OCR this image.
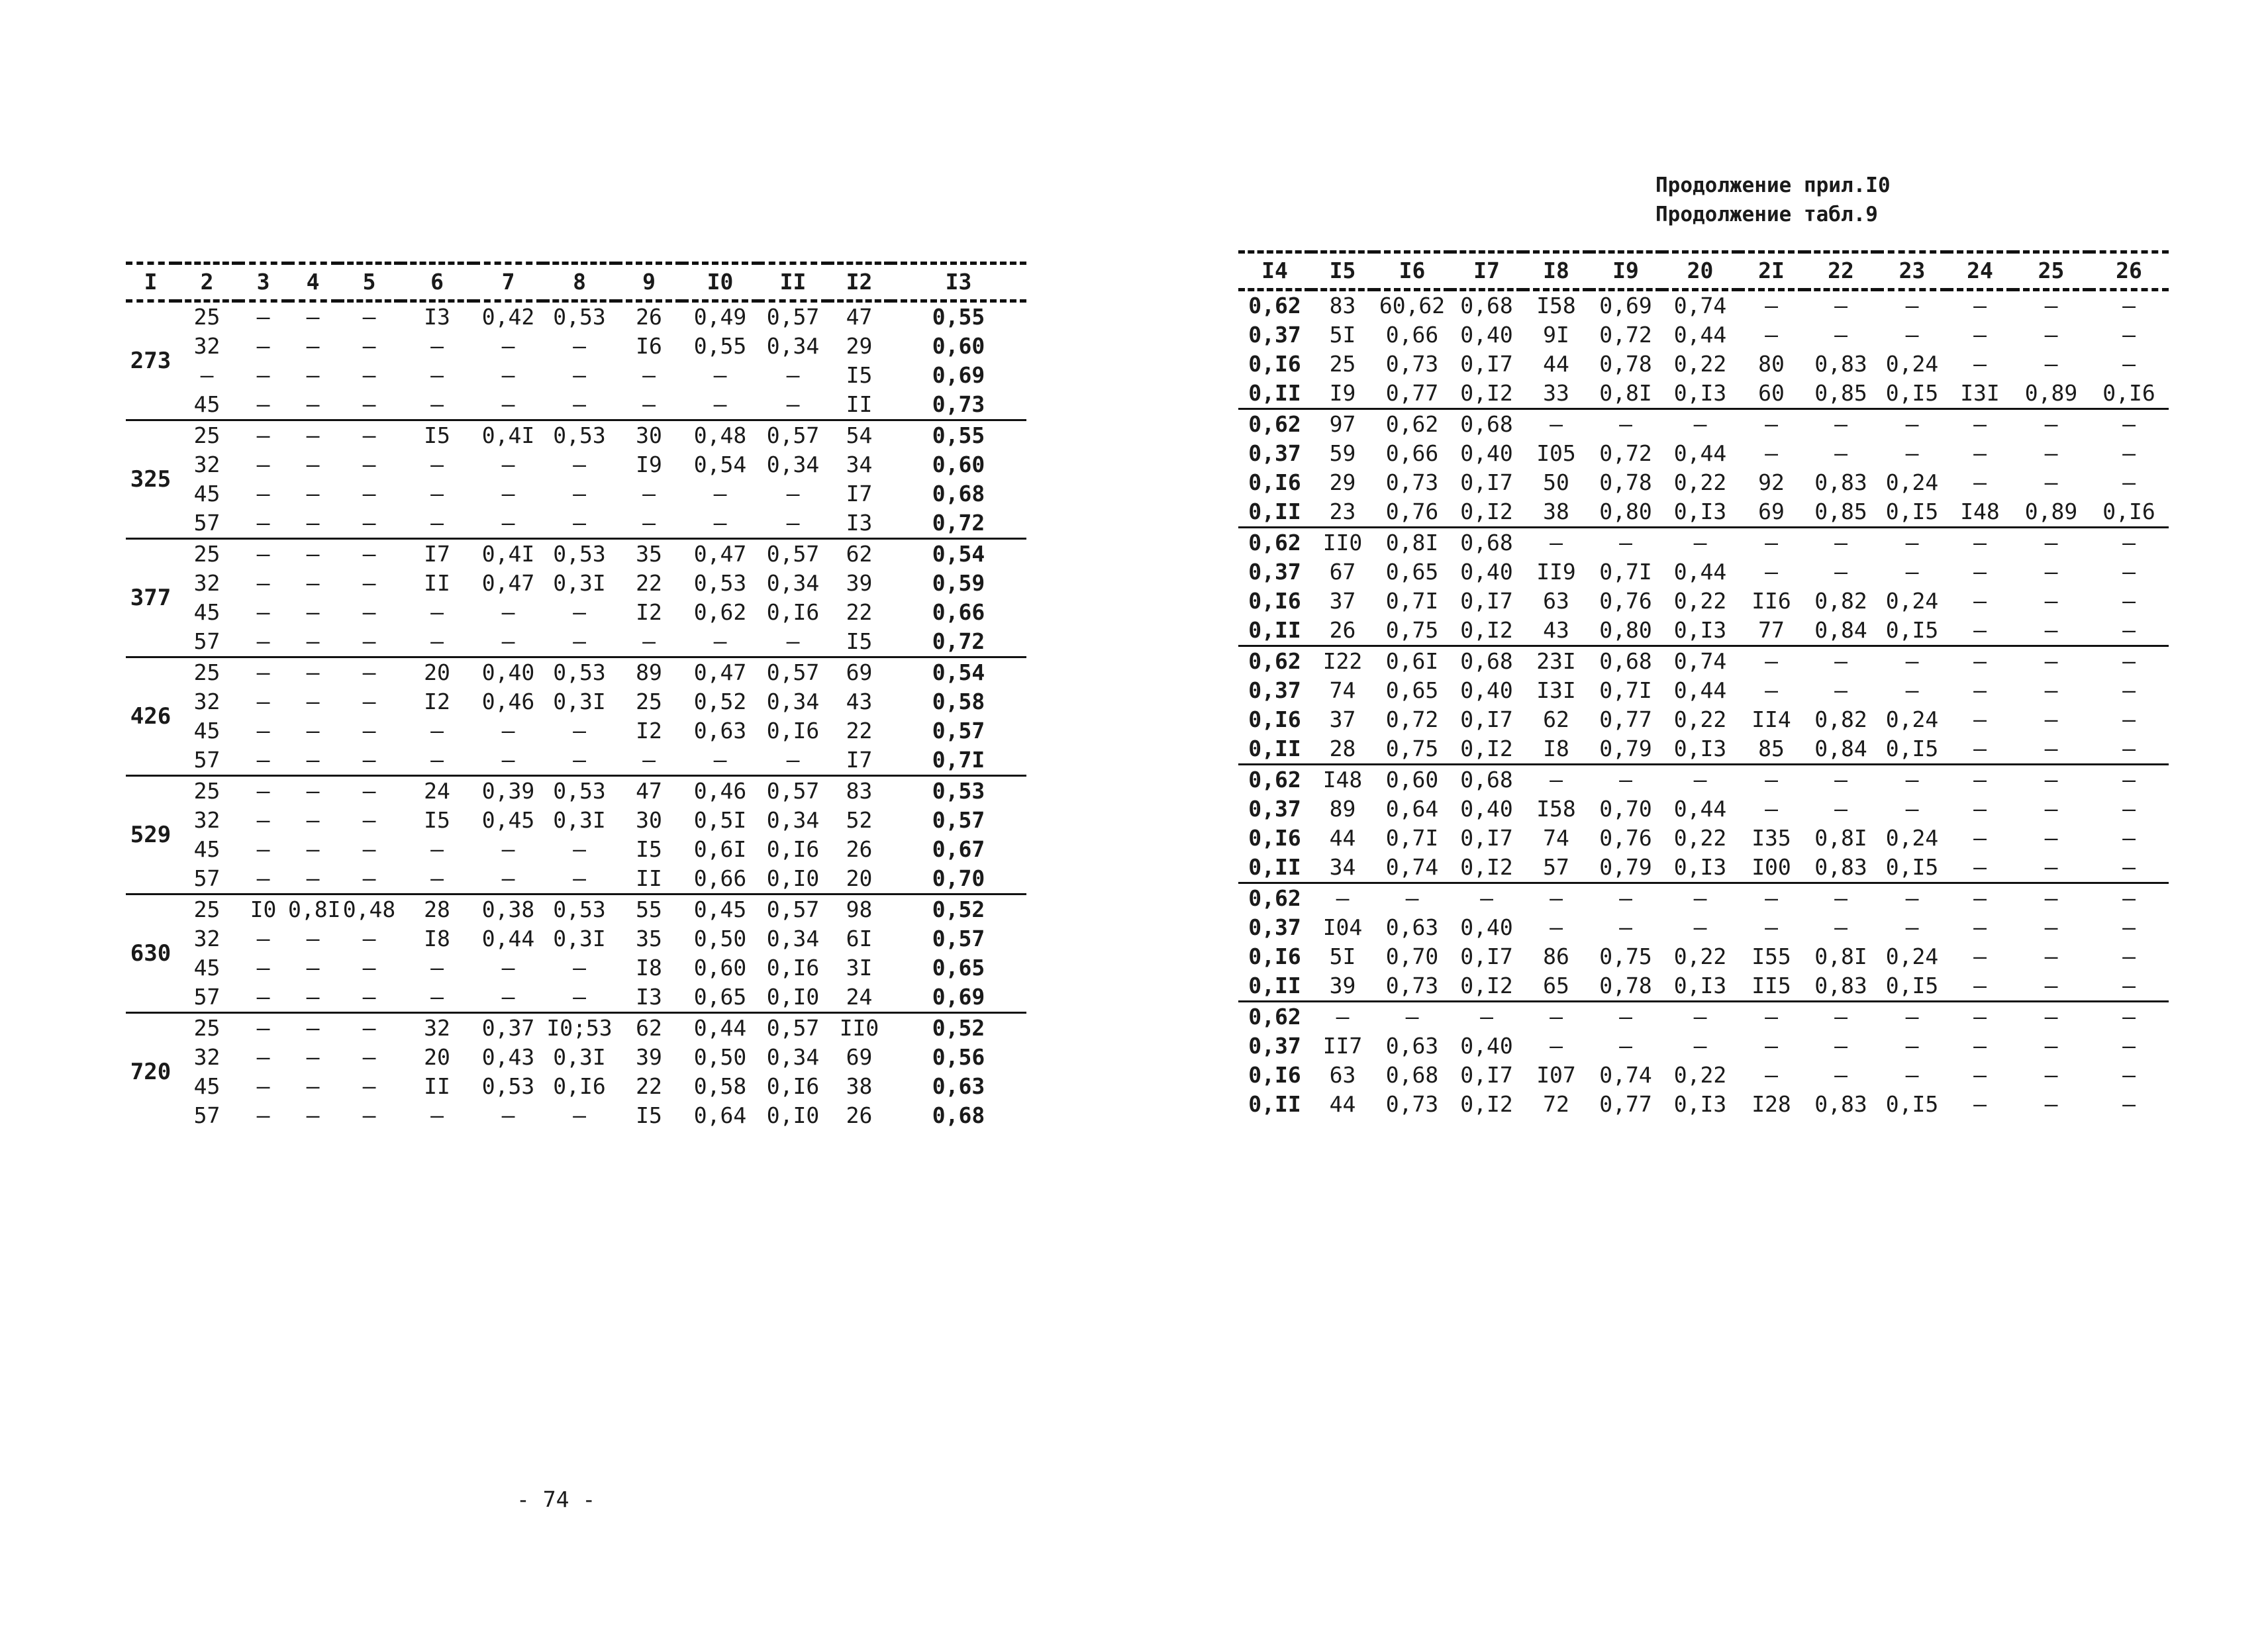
Продолжение прил.I0
Продолжение табл.9
I	2	3	4	5	6	7	8	9	I0	II	I2	I3
273	25	—	—	—	I3	0,42	0,53	26	0,49	0,57	47	0,55
	32	—	—	—	—	—	—	I6	0,55	0,34	29	0,60
	—	—	—	—	—	—	—	—	—	—	I5	0,69
	45	—	—	—	—	—	—	—	—	—	II	0,73
325	25	—	—	—	I5	0,4I	0,53	30	0,48	0,57	54	0,55
	32	—	—	—	—	—	—	I9	0,54	0,34	34	0,60
	45	—	—	—	—	—	—	—	—	—	I7	0,68
	57	—	—	—	—	—	—	—	—	—	I3	0,72
377	25	—	—	—	I7	0,4I	0,53	35	0,47	0,57	62	0,54
	32	—	—	—	II	0,47	0,3I	22	0,53	0,34	39	0,59
	45	—	—	—	—	—	—	I2	0,62	0,I6	22	0,66
	57	—	—	—	—	—	—	—	—	—	I5	0,72
426	25	—	—	—	20	0,40	0,53	89	0,47	0,57	69	0,54
	32	—	—	—	I2	0,46	0,3I	25	0,52	0,34	43	0,58
	45	—	—	—	—	—	—	I2	0,63	0,I6	22	0,57
	57	—	—	—	—	—	—	—	—	—	I7	0,7I
529	25	—	—	—	24	0,39	0,53	47	0,46	0,57	83	0,53
	32	—	—	—	I5	0,45	0,3I	30	0,5I	0,34	52	0,57
	45	—	—	—	—	—	—	I5	0,6I	0,I6	26	0,67
	57	—	—	—	—	—	—	II	0,66	0,I0	20	0,70
630	25	I0	0,8I	0,48	28	0,38	0,53	55	0,45	0,57	98	0,52
	32	—	—	—	I8	0,44	0,3I	35	0,50	0,34	6I	0,57
	45	—	—	—	—	—	—	I8	0,60	0,I6	3I	0,65
	57	—	—	—	—	—	—	I3	0,65	0,I0	24	0,69
720	25	—	—	—	32	0,37	I0;53	62	0,44	0,57	II0	0,52
	32	—	—	—	20	0,43	0,3I	39	0,50	0,34	69	0,56
	45	—	—	—	II	0,53	0,I6	22	0,58	0,I6	38	0,63
	57	—	—	—	—	—	—	I5	0,64	0,I0	26	0,68
I4	I5	I6	I7	I8	I9	20	2I	22	23	24	25	26
0,62	83	60,62	0,68	I58	0,69	0,74	—	—	—	—	—	—
0,37	5I	0,66	0,40	9I	0,72	0,44	—	—	—	—	—	—
0,I6	25	0,73	0,I7	44	0,78	0,22	80	0,83	0,24	—	—	—
0,II	I9	0,77	0,I2	33	0,8I	0,I3	60	0,85	0,I5	I3I	0,89	0,I6
0,62	97	0,62	0,68	—	—	—	—	—	—	—	—	—
0,37	59	0,66	0,40	I05	0,72	0,44	—	—	—	—	—	—
0,I6	29	0,73	0,I7	50	0,78	0,22	92	0,83	0,24	—	—	—
0,II	23	0,76	0,I2	38	0,80	0,I3	69	0,85	0,I5	I48	0,89	0,I6
0,62	II0	0,8I	0,68	—	—	—	—	—	—	—	—	—
0,37	67	0,65	0,40	II9	0,7I	0,44	—	—	—	—	—	—
0,I6	37	0,7I	0,I7	63	0,76	0,22	II6	0,82	0,24	—	—	—
0,II	26	0,75	0,I2	43	0,80	0,I3	77	0,84	0,I5	—	—	—
0,62	I22	0,6I	0,68	23I	0,68	0,74	—	—	—	—	—	—
0,37	74	0,65	0,40	I3I	0,7I	0,44	—	—	—	—	—	—
0,I6	37	0,72	0,I7	62	0,77	0,22	II4	0,82	0,24	—	—	—
0,II	28	0,75	0,I2	I8	0,79	0,I3	85	0,84	0,I5	—	—	—
0,62	I48	0,60	0,68	—	—	—	—	—	—	—	—	—
0,37	89	0,64	0,40	I58	0,70	0,44	—	—	—	—	—	—
0,I6	44	0,7I	0,I7	74	0,76	0,22	I35	0,8I	0,24	—	—	—
0,II	34	0,74	0,I2	57	0,79	0,I3	I00	0,83	0,I5	—	—	—
0,62	—	—	—	—	—	—	—	—	—	—	—	—
0,37	I04	0,63	0,40	—	—	—	—	—	—	—	—	—
0,I6	5I	0,70	0,I7	86	0,75	0,22	I55	0,8I	0,24	—	—	—
0,II	39	0,73	0,I2	65	0,78	0,I3	II5	0,83	0,I5	—	—	—
0,62	—	—	—	—	—	—	—	—	—	—	—	—
0,37	II7	0,63	0,40	—	—	—	—	—	—	—	—	—
0,I6	63	0,68	0,I7	I07	0,74	0,22	—	—	—	—	—	—
0,II	44	0,73	0,I2	72	0,77	0,I3	I28	0,83	0,I5	—	—	—
- 74 -
